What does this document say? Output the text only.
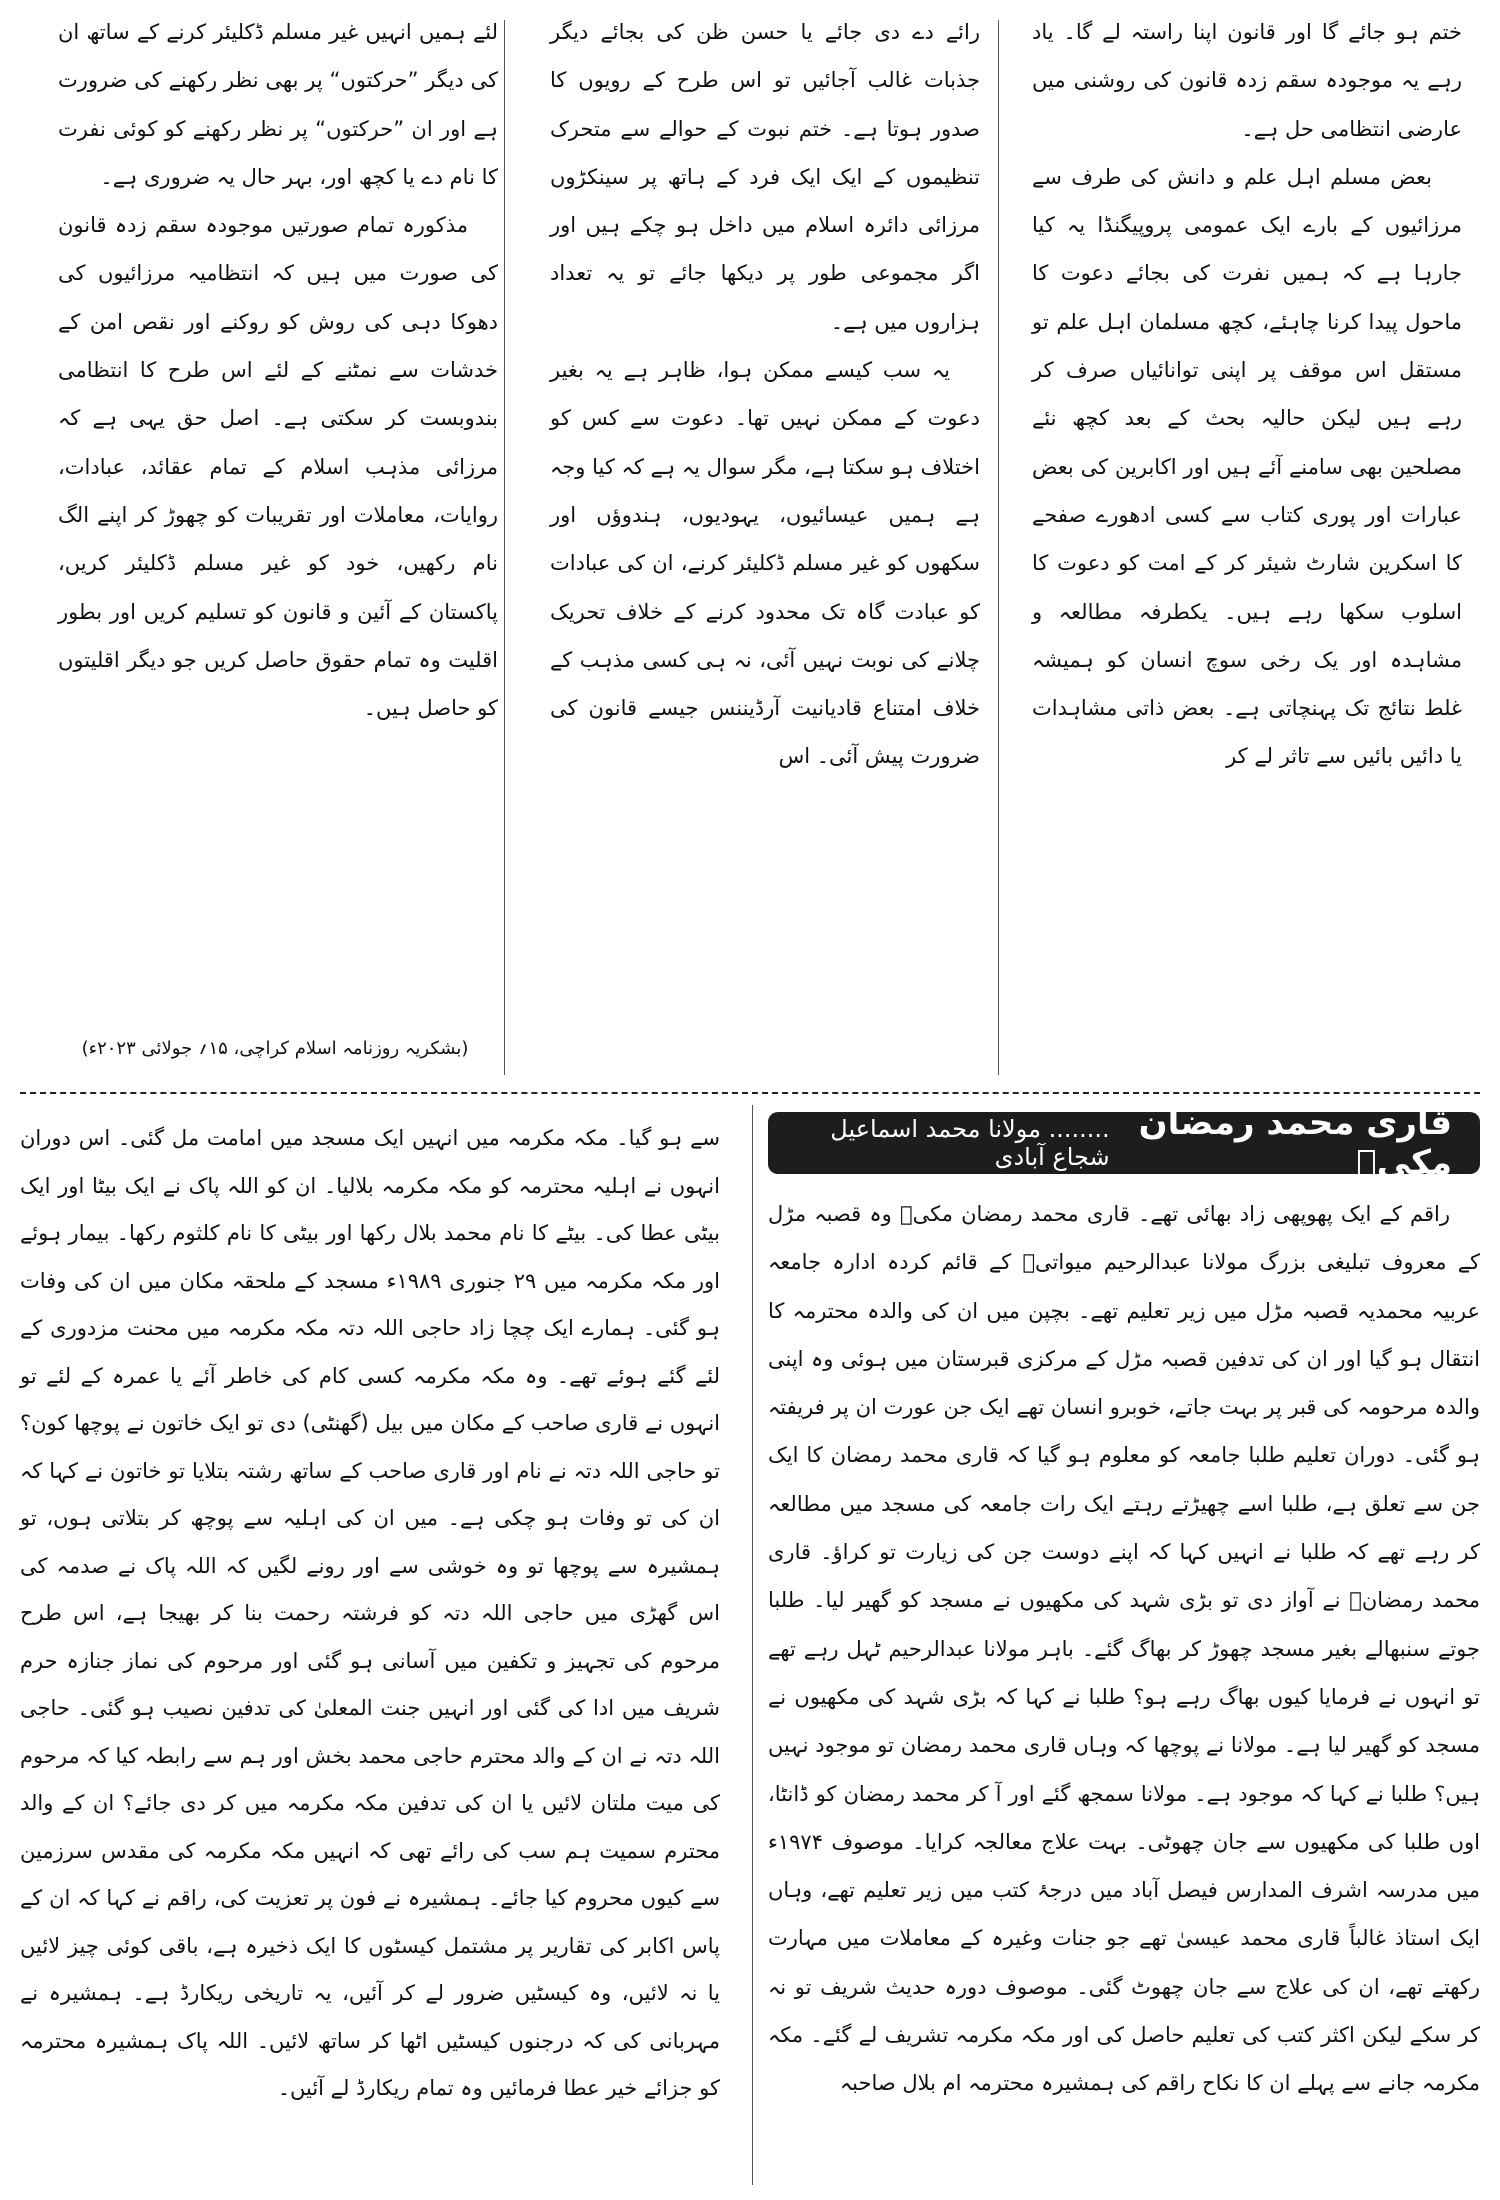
ختم ہو جائے گا اور قانون اپنا راستہ لے گا۔ یاد رہے یہ موجودہ سقم زدہ قانون کی روشنی میں عارضی انتظامی حل ہے۔

بعض مسلم اہل علم و دانش کی طرف سے مرزائیوں کے بارے ایک عمومی پروپیگنڈا یہ کیا جارہا ہے کہ ہمیں نفرت کی بجائے دعوت کا ماحول پیدا کرنا چاہئے، کچھ مسلمان اہل علم تو مستقل اس موقف پر اپنی توانائیاں صرف کر رہے ہیں لیکن حالیہ بحث کے بعد کچھ نئے مصلحین بھی سامنے آئے ہیں اور اکابرین کی بعض عبارات اور پوری کتاب سے کسی ادھورے صفحے کا اسکرین شارٹ شیئر کر کے امت کو دعوت کا اسلوب سکھا رہے ہیں۔ یکطرفہ مطالعہ و مشاہدہ اور یک رخی سوچ انسان کو ہمیشہ غلط نتائج تک پہنچاتی ہے۔ بعض ذاتی مشاہدات یا دائیں بائیں سے تاثر لے کر

رائے دے دی جائے یا حسن ظن کی بجائے دیگر جذبات غالب آجائیں تو اس طرح کے رویوں کا صدور ہوتا ہے۔ ختم نبوت کے حوالے سے متحرک تنظیموں کے ایک ایک فرد کے ہاتھ پر سینکڑوں مرزائی دائرہ اسلام میں داخل ہو چکے ہیں اور اگر مجموعی طور پر دیکھا جائے تو یہ تعداد ہزاروں میں ہے۔

یہ سب کیسے ممکن ہوا، ظاہر ہے یہ بغیر دعوت کے ممکن نہیں تھا۔ دعوت سے کس کو اختلاف ہو سکتا ہے، مگر سوال یہ ہے کہ کیا وجہ ہے ہمیں عیسائیوں، یہودیوں، ہندوؤں اور سکھوں کو غیر مسلم ڈکلیئر کرنے، ان کی عبادات کو عبادت گاہ تک محدود کرنے کے خلاف تحریک چلانے کی نوبت نہیں آئی، نہ ہی کسی مذہب کے خلاف امتناع قادیانیت آرڈیننس جیسے قانون کی ضرورت پیش آئی۔ اس

لئے ہمیں انہیں غیر مسلم ڈکلیئر کرنے کے ساتھ ان کی دیگر ”حرکتوں“ پر بھی نظر رکھنے کی ضرورت ہے اور ان ”حرکتوں“ پر نظر رکھنے کو کوئی نفرت کا نام دے یا کچھ اور، بہر حال یہ ضروری ہے۔

مذکورہ تمام صورتیں موجودہ سقم زدہ قانون کی صورت میں ہیں کہ انتظامیہ مرزائیوں کی دھوکا دہی کی روش کو روکنے اور نقص امن کے خدشات سے نمٹنے کے لئے اس طرح کا انتظامی بندوبست کر سکتی ہے۔ اصل حق یہی ہے کہ مرزائی مذہب اسلام کے تمام عقائد، عبادات، روایات، معاملات اور تقریبات کو چھوڑ کر اپنے الگ نام رکھیں، خود کو غیر مسلم ڈکلیئر کریں، پاکستان کے آئین و قانون کو تسلیم کریں اور بطور اقلیت وہ تمام حقوق حاصل کریں جو دیگر اقلیتوں کو حاصل ہیں۔

(بشکریہ روزنامہ اسلام کراچی، ۱۵؍ جولائی ۲۰۲۳ء)
قاری محمد رمضان مکیؒ
........ مولانا محمد اسماعیل شجاع آبادی

راقم کے ایک پھوپھی زاد بھائی تھے۔ قاری محمد رمضان مکیؒ وہ قصبہ مڑل کے معروف تبلیغی بزرگ مولانا عبدالرحیم میواتیؒ کے قائم کردہ ادارہ جامعہ عربیہ محمدیہ قصبہ مڑل میں زیر تعلیم تھے۔ بچپن میں ان کی والدہ محترمہ کا انتقال ہو گیا اور ان کی تدفین قصبہ مڑل کے مرکزی قبرستان میں ہوئی وہ اپنی والدہ مرحومہ کی قبر پر بہت جاتے، خوبرو انسان تھے ایک جن عورت ان پر فریفتہ ہو گئی۔ دوران تعلیم طلبا جامعہ کو معلوم ہو گیا کہ قاری محمد رمضان کا ایک جن سے تعلق ہے، طلبا اسے چھیڑتے رہتے ایک رات جامعہ کی مسجد میں مطالعہ کر رہے تھے کہ طلبا نے انہیں کہا کہ اپنے دوست جن کی زیارت تو کراؤ۔ قاری محمد رمضانؒ نے آواز دی تو بڑی شہد کی مکھیوں نے مسجد کو گھیر لیا۔ طلبا جوتے سنبھالے بغیر مسجد چھوڑ کر بھاگ گئے۔ باہر مولانا عبدالرحیم ٹہل رہے تھے تو انہوں نے فرمایا کیوں بھاگ رہے ہو؟ طلبا نے کہا کہ بڑی شہد کی مکھیوں نے مسجد کو گھیر لیا ہے۔ مولانا نے پوچھا کہ وہاں قاری محمد رمضان تو موجود نہیں ہیں؟ طلبا نے کہا کہ موجود ہے۔ مولانا سمجھ گئے اور آ کر محمد رمضان کو ڈانٹا، اوں طلبا کی مکھیوں سے جان چھوٹی۔ بہت علاج معالجہ کرایا۔ موصوف ۱۹۷۴ء میں مدرسہ اشرف المدارس فیصل آباد میں درجۂ کتب میں زیر تعلیم تھے، وہاں ایک استاذ غالباً قاری محمد عیسیٰ تھے جو جنات وغیرہ کے معاملات میں مہارت رکھتے تھے، ان کی علاج سے جان چھوٹ گئی۔ موصوف دورہ حدیث شریف تو نہ کر سکے لیکن اکثر کتب کی تعلیم حاصل کی اور مکہ مکرمہ تشریف لے گئے۔ مکہ مکرمہ جانے سے پہلے ان کا نکاح راقم کی ہمشیرہ محترمہ ام بلال صاحبہ

سے ہو گیا۔ مکہ مکرمہ میں انہیں ایک مسجد میں امامت مل گئی۔ اس دوران انہوں نے اہلیہ محترمہ کو مکہ مکرمہ بلالیا۔ ان کو اللہ پاک نے ایک بیٹا اور ایک بیٹی عطا کی۔ بیٹے کا نام محمد بلال رکھا اور بیٹی کا نام کلثوم رکھا۔ بیمار ہوئے اور مکہ مکرمہ میں ۲۹ جنوری ۱۹۸۹ء مسجد کے ملحقہ مکان میں ان کی وفات ہو گئی۔ ہمارے ایک چچا زاد حاجی اللہ دتہ مکہ مکرمہ میں محنت مزدوری کے لئے گئے ہوئے تھے۔ وہ مکہ مکرمہ کسی کام کی خاطر آئے یا عمرہ کے لئے تو انہوں نے قاری صاحب کے مکان میں بیل (گھنٹی) دی تو ایک خاتون نے پوچھا کون؟ تو حاجی اللہ دتہ نے نام اور قاری صاحب کے ساتھ رشتہ بتلایا تو خاتون نے کہا کہ ان کی تو وفات ہو چکی ہے۔ میں ان کی اہلیہ سے پوچھ کر بتلاتی ہوں، تو ہمشیرہ سے پوچھا تو وہ خوشی سے اور رونے لگیں کہ اللہ پاک نے صدمہ کی اس گھڑی میں حاجی اللہ دتہ کو فرشتہ رحمت بنا کر بھیجا ہے، اس طرح مرحوم کی تجہیز و تکفین میں آسانی ہو گئی اور مرحوم کی نماز جنازہ حرم شریف میں ادا کی گئی اور انہیں جنت المعلیٰ کی تدفین نصیب ہو گئی۔ حاجی اللہ دتہ نے ان کے والد محترم حاجی محمد بخش اور ہم سے رابطہ کیا کہ مرحوم کی میت ملتان لائیں یا ان کی تدفین مکہ مکرمہ میں کر دی جائے؟ ان کے والد محترم سمیت ہم سب کی رائے تھی کہ انہیں مکہ مکرمہ کی مقدس سرزمین سے کیوں محروم کیا جائے۔ ہمشیرہ نے فون پر تعزیت کی، راقم نے کہا کہ ان کے پاس اکابر کی تقاریر پر مشتمل کیسٹوں کا ایک ذخیرہ ہے، باقی کوئی چیز لائیں یا نہ لائیں، وہ کیسٹیں ضرور لے کر آئیں، یہ تاریخی ریکارڈ ہے۔ ہمشیرہ نے مہربانی کی کہ درجنوں کیسٹیں اٹھا کر ساتھ لائیں۔ اللہ پاک ہمشیرہ محترمہ کو جزائے خیر عطا فرمائیں وہ تمام ریکارڈ لے آئیں۔
